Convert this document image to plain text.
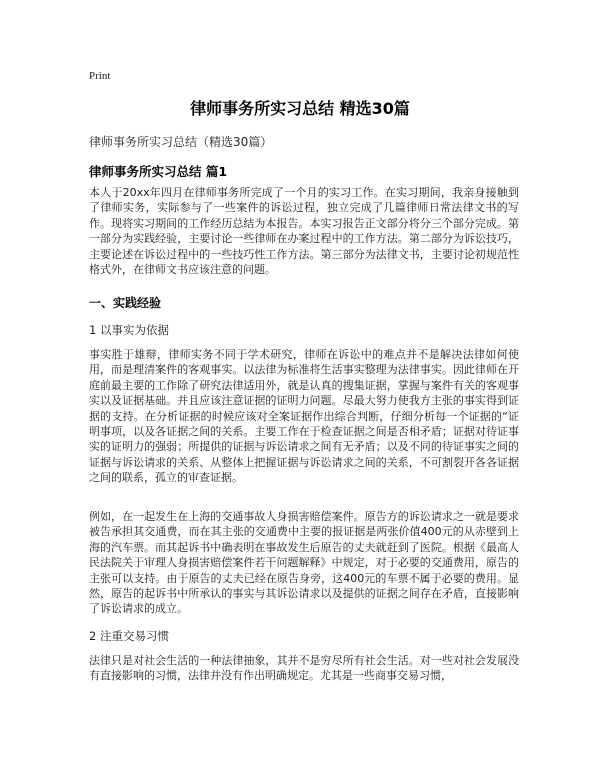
Print
律师事务所实习总结 精选30篇
律师事务所实习总结（精选30篇）
律师事务所实习总结 篇1

本人于20xx年四月在律师事务所完成了一个月的实习工作。在实习期间，我亲身接触到了律师实务，实际参与了一些案件的诉讼过程，独立完成了几篇律师日常法律文书的写作。现将实习期间的工作经历总结为本报告。本实习报告正文部分将分三个部分完成。第一部分为实践经验，主要讨论一些律师在办案过程中的工作方法。第二部分为诉讼技巧，主要论述在诉讼过程中的一些技巧性工作方法。第三部分为法律文书，主要讨论初规范性格式外，在律师文书应该注意的问题。

一、实践经验
1 以事实为依据

事实胜于雄辩，律师实务不同于学术研究，律师在诉讼中的难点并不是解决法律如何使用，而是理清案件的客观事实。以法律为标准将生活事实整理为法律事实。因此律师在开庭前最主要的工作除了研究法律适用外，就是认真的搜集证据，掌握与案件有关的客观事实以及证据基础。并且应该注意证据的证明力问题。尽最大努力使我方主张的事实得到证据的支持。在分析证据的时候应该对全案证据作出综合判断，仔细分析每一个证据的“证明事项，以及各证据之间的关系。主要工作在于检查证据之间是否相矛盾；证据对待证事实的证明力的强弱；所提供的证据与诉讼请求之间有无矛盾；以及不同的待证事实之间的证据与诉讼请求的关系、从整体上把握证据与诉讼请求之间的关系，不可割裂开各各证据之间的联系，孤立的审查证据。

例如，在一起发生在上海的交通事故人身损害赔偿案件。原告方的诉讼请求之一就是要求被告承担其交通费，而在其主张的交通费中主要的报证据是两张价值400元的从赤壁到上海的汽车票。而其起诉书中确表明在事故发生后原告的丈夫就赶到了医院。根据《最高人民法院关于审理人身损害赔偿案件若干问题解释》中规定，对于必要的交通费用，原告的主张可以支持。由于原告的丈夫已经在原告身旁，这400元的车票不属于必要的费用。显然，原告的起诉书中所承认的事实与其诉讼请求以及提供的证据之间存在矛盾，直接影响了诉讼请求的成立。

2 注重交易习惯

法律只是对社会生活的一种法律抽象，其并不是穷尽所有社会生活。对一些对社会发展没有直接影响的习惯，法律并没有作出明确规定。尤其是一些商事交易习惯，
